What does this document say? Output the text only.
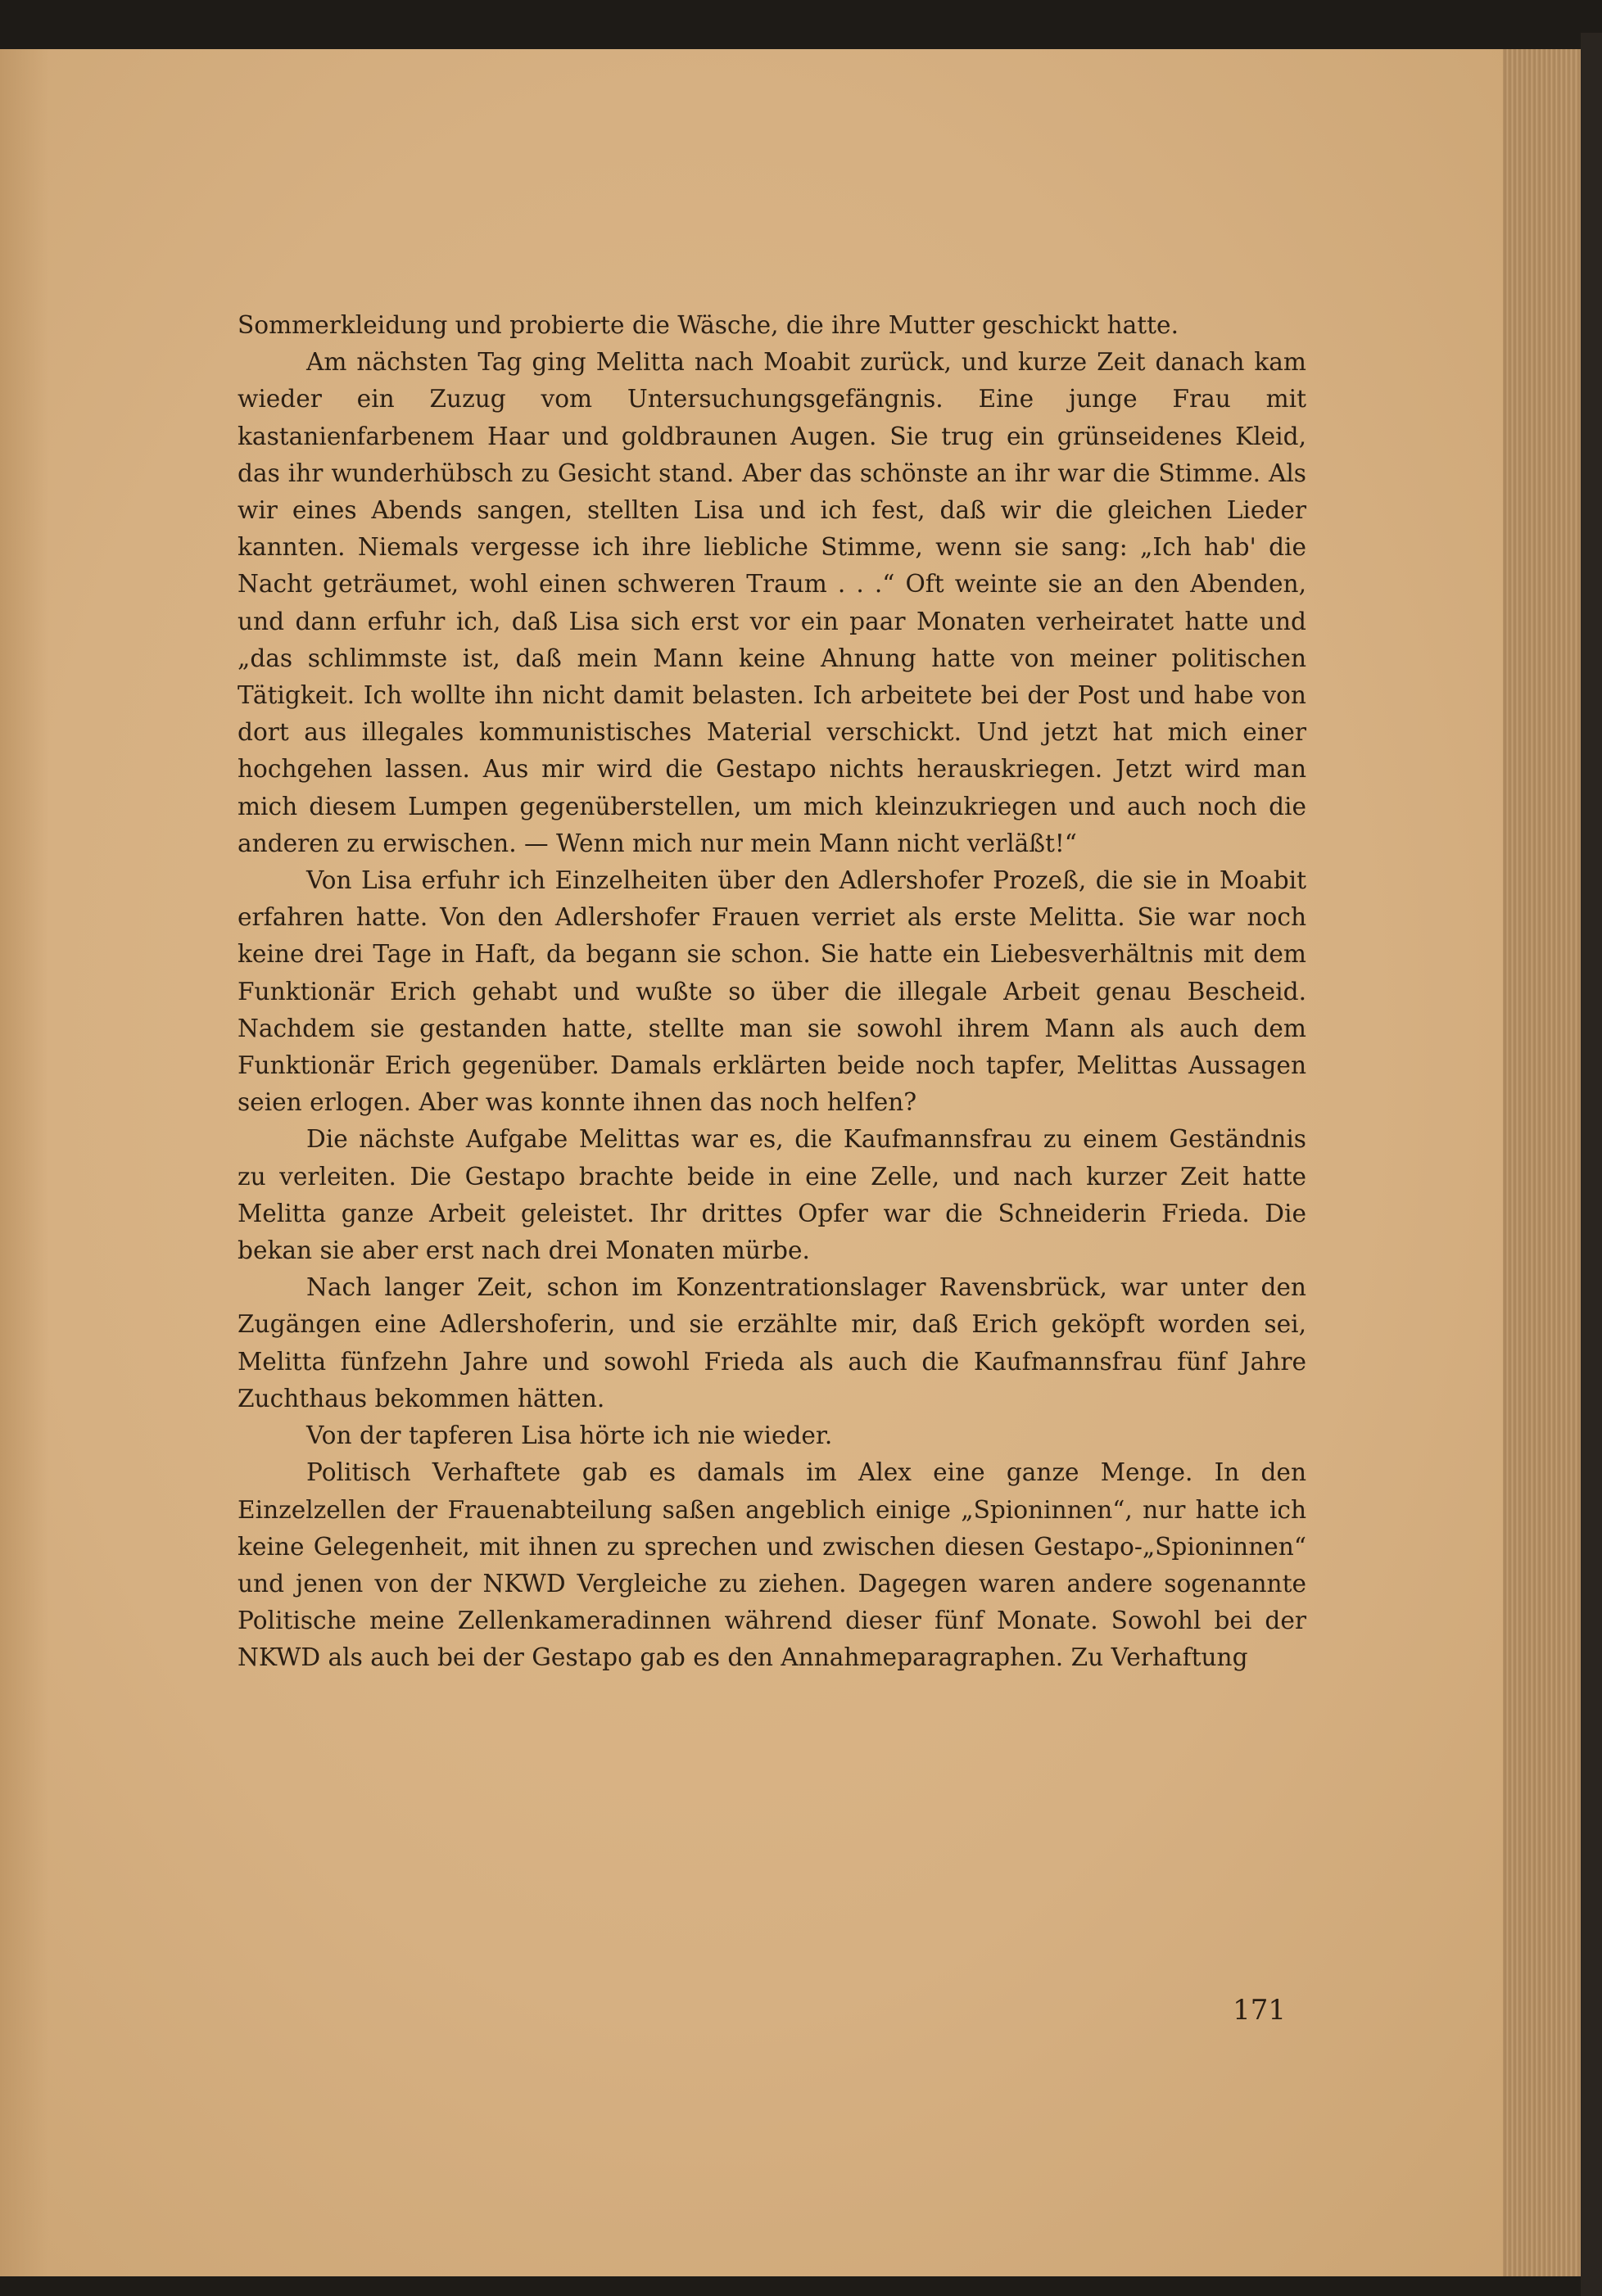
Sommerkleidung und probierte die Wäsche, die ihre Mutter geschickt hatte.

Am nächsten Tag ging Melitta nach Moabit zurück, und kurze Zeit danach kam wieder ein Zuzug vom Untersuchungsgefängnis. Eine junge Frau mit kastanienfarbenem Haar und goldbraunen Augen. Sie trug ein grünseidenes Kleid, das ihr wunderhübsch zu Gesicht stand. Aber das schönste an ihr war die Stimme. Als wir eines Abends sangen, stellten Lisa und ich fest, daß wir die gleichen Lieder kannten. Niemals vergesse ich ihre liebliche Stimme, wenn sie sang: „Ich hab' die Nacht geträumet, wohl einen schweren Traum . . .“ Oft weinte sie an den Abenden, und dann erfuhr ich, daß Lisa sich erst vor ein paar Monaten verheiratet hatte und „das schlimmste ist, daß mein Mann keine Ahnung hatte von meiner politischen Tätigkeit. Ich wollte ihn nicht damit belasten. Ich arbeitete bei der Post und habe von dort aus illegales kommunistisches Material verschickt. Und jetzt hat mich einer hochgehen lassen. Aus mir wird die Gestapo nichts herauskriegen. Jetzt wird man mich diesem Lumpen gegenüberstellen, um mich kleinzukriegen und auch noch die anderen zu erwischen. — Wenn mich nur mein Mann nicht verläßt!“

Von Lisa erfuhr ich Einzelheiten über den Adlershofer Prozeß, die sie in Moabit erfahren hatte. Von den Adlershofer Frauen verriet als erste Melitta. Sie war noch keine drei Tage in Haft, da begann sie schon. Sie hatte ein Liebesverhältnis mit dem Funktionär Erich gehabt und wußte so über die illegale Arbeit genau Bescheid. Nachdem sie gestanden hatte, stellte man sie sowohl ihrem Mann als auch dem Funktionär Erich gegenüber. Damals erklärten beide noch tapfer, Melittas Aussagen seien erlogen. Aber was konnte ihnen das noch helfen?

Die nächste Aufgabe Melittas war es, die Kaufmannsfrau zu einem Geständnis zu verleiten. Die Gestapo brachte beide in eine Zelle, und nach kurzer Zeit hatte Melitta ganze Arbeit geleistet. Ihr drittes Opfer war die Schneiderin Frieda. Die bekan sie aber erst nach drei Monaten mürbe.

Nach langer Zeit, schon im Konzentrationslager Ravensbrück, war unter den Zugängen eine Adlershoferin, und sie erzählte mir, daß Erich geköpft worden sei, Melitta fünfzehn Jahre und sowohl Frieda als auch die Kaufmannsfrau fünf Jahre Zuchthaus bekommen hätten.

Von der tapferen Lisa hörte ich nie wieder.

Politisch Verhaftete gab es damals im Alex eine ganze Menge. In den Einzelzellen der Frauenabteilung saßen angeblich einige „Spioninnen“, nur hatte ich keine Gelegenheit, mit ihnen zu sprechen und zwischen diesen Gestapo-„Spioninnen“ und jenen von der NKWD Vergleiche zu ziehen. Dagegen waren andere sogenannte Politische meine Zellenkameradinnen während dieser fünf Monate. Sowohl bei der NKWD als auch bei der Gestapo gab es den Annahmeparagraphen. Zu Verhaftung

171
